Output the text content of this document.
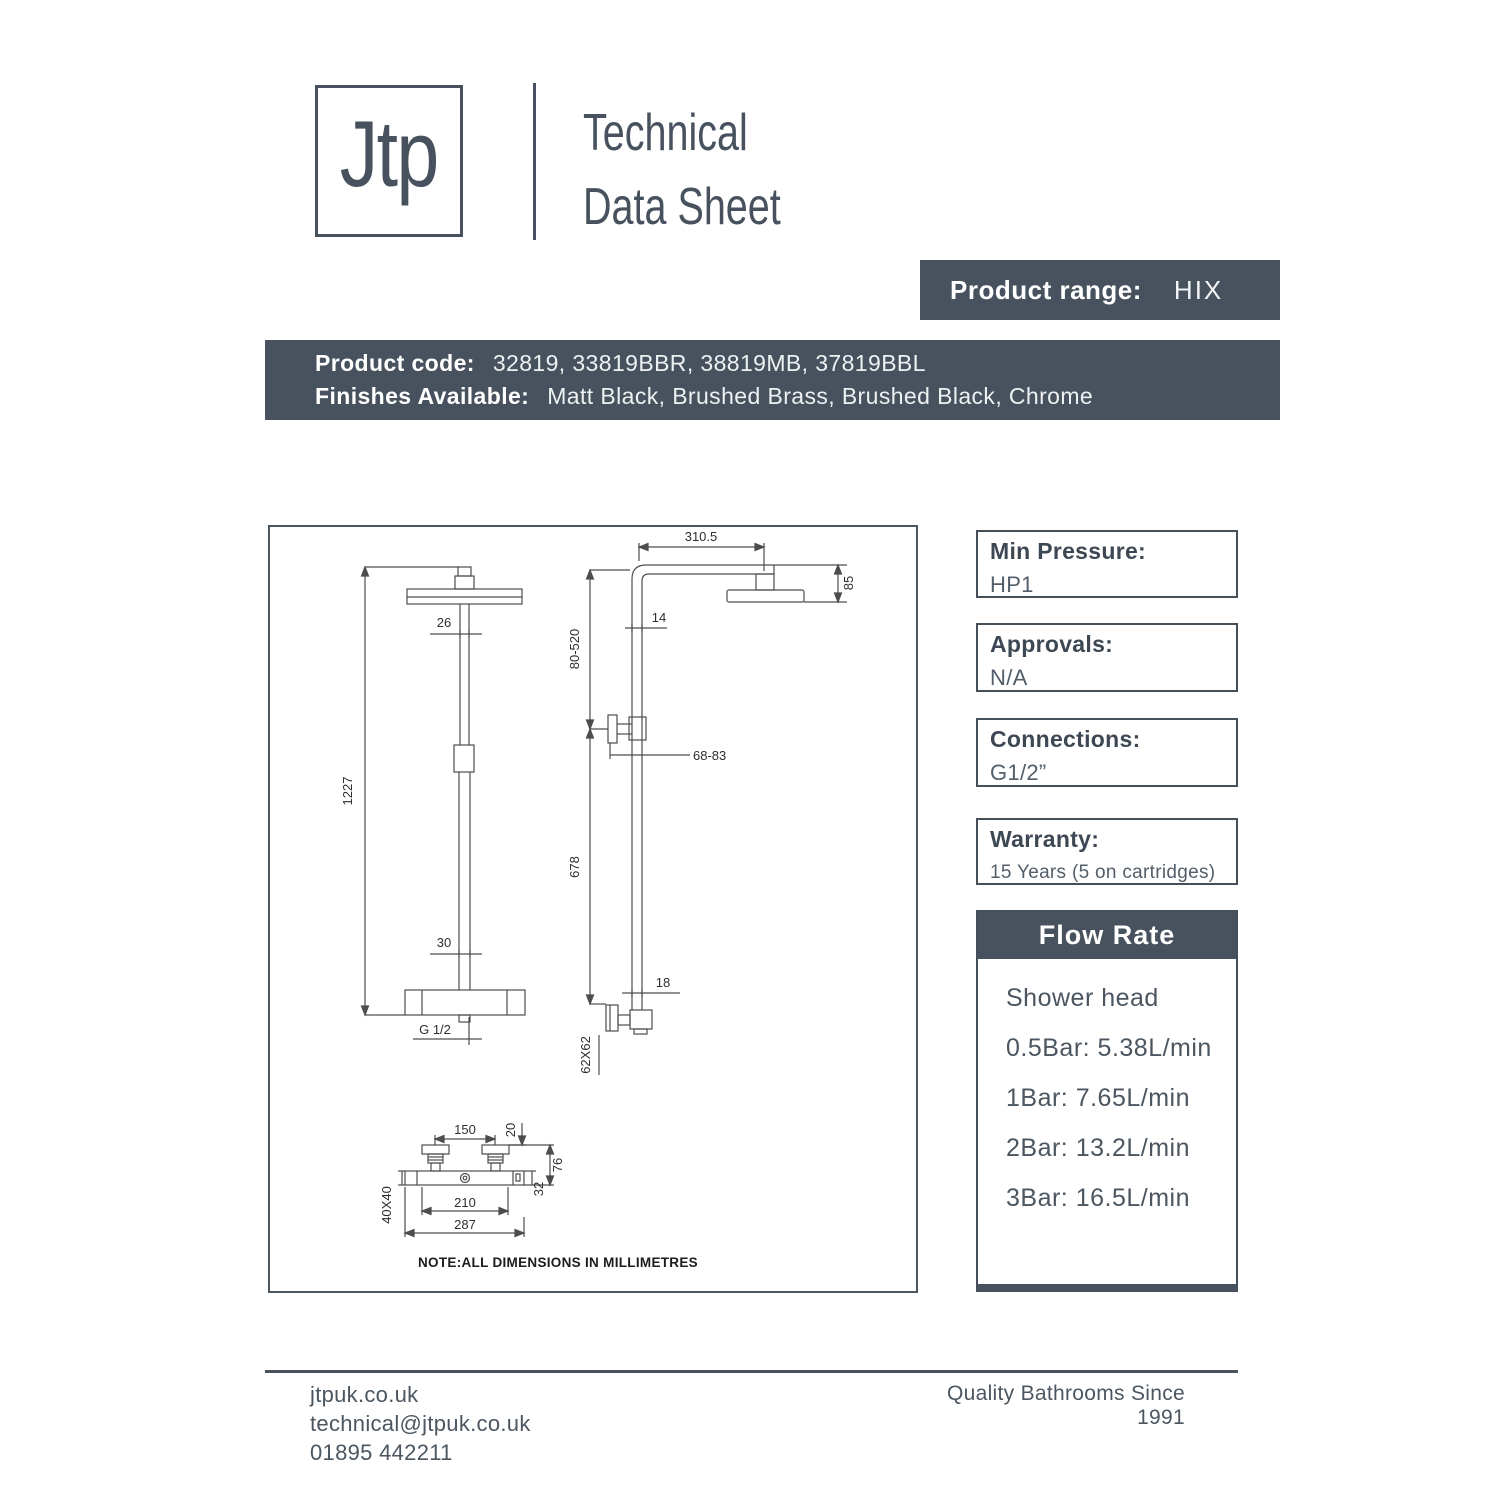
Jtp	Technical
Data Sheet
Product range: HIX
Product code: 32819, 33819BBR, 38819MB, 37819BBL
Finishes Available: Matt Black, Brushed Brass, Brushed Black, Chrome
26
30
G 1/2
1227
310.5
85
14
80-520
68-83
678
18
62X62
150 20
76
32
210
287
40X40
NOTE:ALL DIMENSIONS IN MILLIMETRES
Min Pressure:
HP1
Approvals:
N/A
Connections:
G1/2”
Warranty:
15 Years (5 on cartridges)
Flow Rate
Shower head
0.5Bar: 5.38L/min
1Bar: 7.65L/min
2Bar: 13.2L/min
3Bar: 16.5L/min
jtpuk.co.uk
technical@jtpuk.co.uk
01895 442211
Quality Bathrooms Since 1991
